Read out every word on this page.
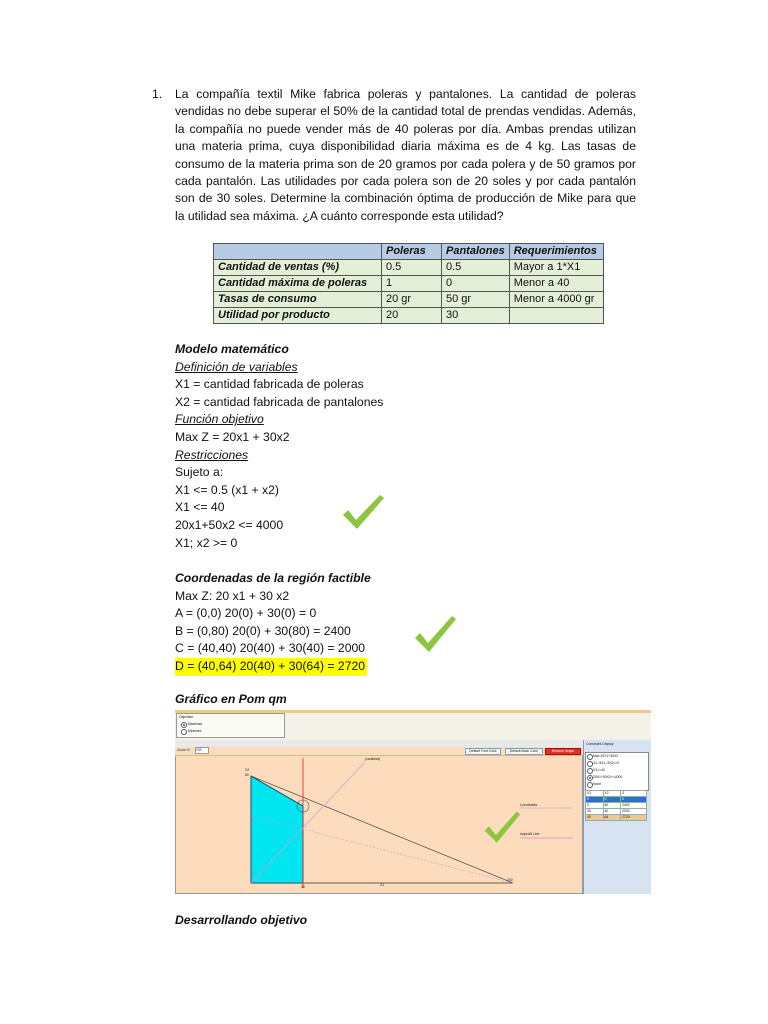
1. La compañía textil Mike fabrica poleras y pantalones. La cantidad de poleras vendidas no debe superar el 50% de la cantidad total de prendas vendidas. Además, la compañía no puede vender más de 40 poleras por día. Ambas prendas utilizan una materia prima, cuya disponibilidad diaria máxima es de 4 kg. Las tasas de consumo de la materia prima son de 20 gramos por cada polera y de 50 gramos por cada pantalón. Las utilidades por cada polera son de 20 soles y por cada pantalón son de 30 soles. Determine la combinación óptima de producción de Mike para que la utilidad sea máxima. ¿A cuánto corresponde esta utilidad?
	Poleras	Pantalones	Requerimientos
Cantidad de ventas (%)	0.5	0.5	Mayor a 1*X1
Cantidad máxima de poleras	1	0	Menor a 40
Tasas de consumo	20 gr	50 gr	Menor a 4000 gr
Utilidad por producto	20	30	
Modelo matemático
Definición de variables
X1 = cantidad fabricada de poleras
X2 = cantidad fabricada de pantalones
Función objetivo
Max Z = 20x1 + 30x2
Restricciones
Sujeto a:
X1 <= 0.5 (x1 + x2)
X1 <= 40
20x1+50x2 <= 4000
X1; x2 >= 0
Coordenadas de la región factible
Max Z: 20 x1 + 30 x2
A = (0,0) 20(0) + 30(0) = 0
B = (0,80) 20(0) + 30(80) = 2400
C = (40,40) 20(40) + 30(40) = 2000
D = (40,64) 20(40) + 30(64) = 2720
Gráfico en Pom qm
Objective
Maximize
Minimize
Zoom % 100	Default Font Color	Default Back Color	Restore Graph
X2
80
40	X1
200
(cantidad)
Constraints
Isoprofit Line
Constraint Display
Max 20X1+30X2
X1-.5X1-.5X2<=0
X1<=40
20X1+50X2<=4000
None
X1	X2	Z
0	0	0
0	80	2400
40	40	2000
40	64	2720
Desarrollando objetivo
